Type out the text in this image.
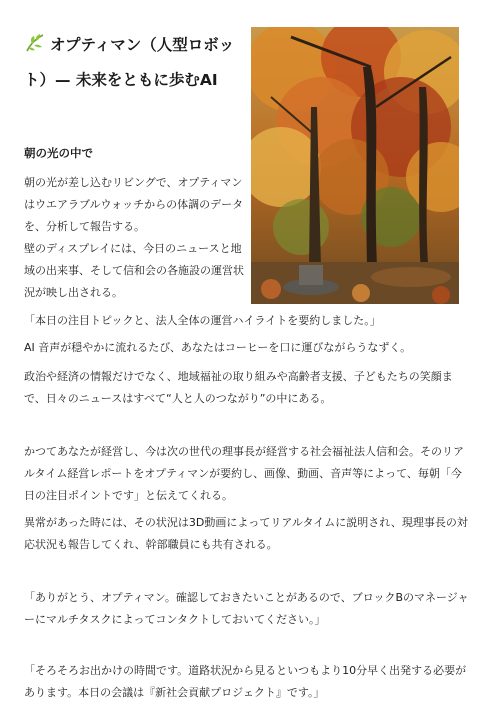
オプティマン（人型ロボット）— 未来をともに歩むAI
朝の光の中で
朝の光が差し込むリビングで、オプティマンはウエアラブルウォッチからの体調のデータを、分析して報告する。
壁のディスプレイには、今日のニュースと地域の出来事、そして信和会の各施設の運営状況が映し出される。
「本日の注目トピックと、法人全体の運営ハイライトを要約しました。」
AI 音声が穏やかに流れるたび、あなたはコーヒーを口に運びながらうなずく。
政治や経済の情報だけでなく、地域福祉の取り組みや高齢者支援、子どもたちの笑顔まで、日々のニュースはすべて“人と人のつながり”の中にある。
かつてあなたが経営し、今は次の世代の理事長が経営する社会福祉法人信和会。そのリアルタイム経営レポートをオプティマンが要約し、画像、動画、音声等によって、毎朝「今日の注目ポイントです」と伝えてくれる。
異常があった時には、その状況は3D動画によってリアルタイムに説明され、現理事長の対応状況も報告してくれ、幹部職員にも共有される。
「ありがとう、オプティマン。確認しておきたいことがあるので、ブロックBのマネージャーにマルチタスクによってコンタクトしておいてください。」
「そろそろお出かけの時間です。道路状況から見るといつもより10分早く出発する必要があります。本日の会議は『新社会貢献プロジェクト』です。」
